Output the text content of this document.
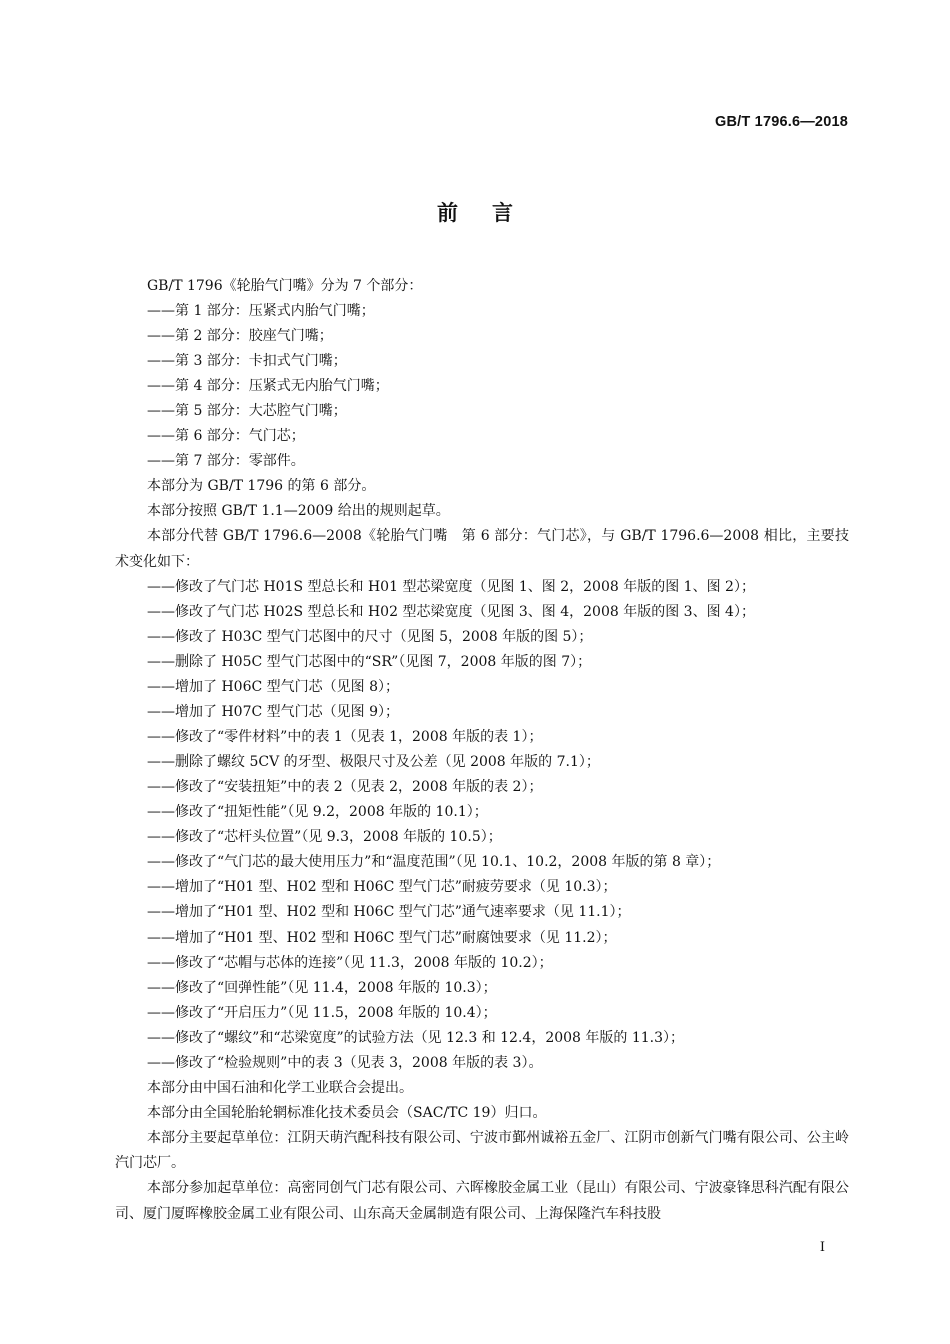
GB/T 1796.6—2018
前言
GB/T 1796《轮胎气门嘴》分为 7 个部分：
——第 1 部分：压紧式内胎气门嘴；
——第 2 部分：胶座气门嘴；
——第 3 部分：卡扣式气门嘴；
——第 4 部分：压紧式无内胎气门嘴；
——第 5 部分：大芯腔气门嘴；
——第 6 部分：气门芯；
——第 7 部分：零部件。
本部分为 GB/T 1796 的第 6 部分。
本部分按照 GB/T 1.1—2009 给出的规则起草。
本部分代替 GB/T 1796.6—2008《轮胎气门嘴　第 6 部分：气门芯》，与 GB/T 1796.6—2008 相比，主要技术变化如下：
——修改了气门芯 H01S 型总长和 H01 型芯梁宽度（见图 1、图 2，2008 年版的图 1、图 2）；
——修改了气门芯 H02S 型总长和 H02 型芯梁宽度（见图 3、图 4，2008 年版的图 3、图 4）；
——修改了 H03C 型气门芯图中的尺寸（见图 5，2008 年版的图 5）；
——删除了 H05C 型气门芯图中的“SR”（见图 7，2008 年版的图 7）；
——增加了 H06C 型气门芯（见图 8）；
——增加了 H07C 型气门芯（见图 9）；
——修改了“零件材料”中的表 1（见表 1，2008 年版的表 1）；
——删除了螺纹 5CV 的牙型、极限尺寸及公差（见 2008 年版的 7.1）；
——修改了“安装扭矩”中的表 2（见表 2，2008 年版的表 2）；
——修改了“扭矩性能”（见 9.2，2008 年版的 10.1）；
——修改了“芯杆头位置”（见 9.3，2008 年版的 10.5）；
——修改了“气门芯的最大使用压力”和“温度范围”（见 10.1、10.2，2008 年版的第 8 章）；
——增加了“H01 型、H02 型和 H06C 型气门芯”耐疲劳要求（见 10.3）；
——增加了“H01 型、H02 型和 H06C 型气门芯”通气速率要求（见 11.1）；
——增加了“H01 型、H02 型和 H06C 型气门芯”耐腐蚀要求（见 11.2）；
——修改了“芯帽与芯体的连接”（见 11.3，2008 年版的 10.2）；
——修改了“回弹性能”（见 11.4，2008 年版的 10.3）；
——修改了“开启压力”（见 11.5，2008 年版的 10.4）；
——修改了“螺纹”和“芯梁宽度”的试验方法（见 12.3 和 12.4，2008 年版的 11.3）；
——修改了“检验规则”中的表 3（见表 3，2008 年版的表 3）。
本部分由中国石油和化学工业联合会提出。
本部分由全国轮胎轮辋标准化技术委员会（SAC/TC 19）归口。
本部分主要起草单位：江阴天萌汽配科技有限公司、宁波市鄞州诚裕五金厂、江阴市创新气门嘴有限公司、公主岭汽门芯厂。
本部分参加起草单位：高密同创气门芯有限公司、六晖橡胶金属工业（昆山）有限公司、宁波豪锋思科汽配有限公司、厦门厦晖橡胶金属工业有限公司、山东高天金属制造有限公司、上海保隆汽车科技股
Ⅰ
